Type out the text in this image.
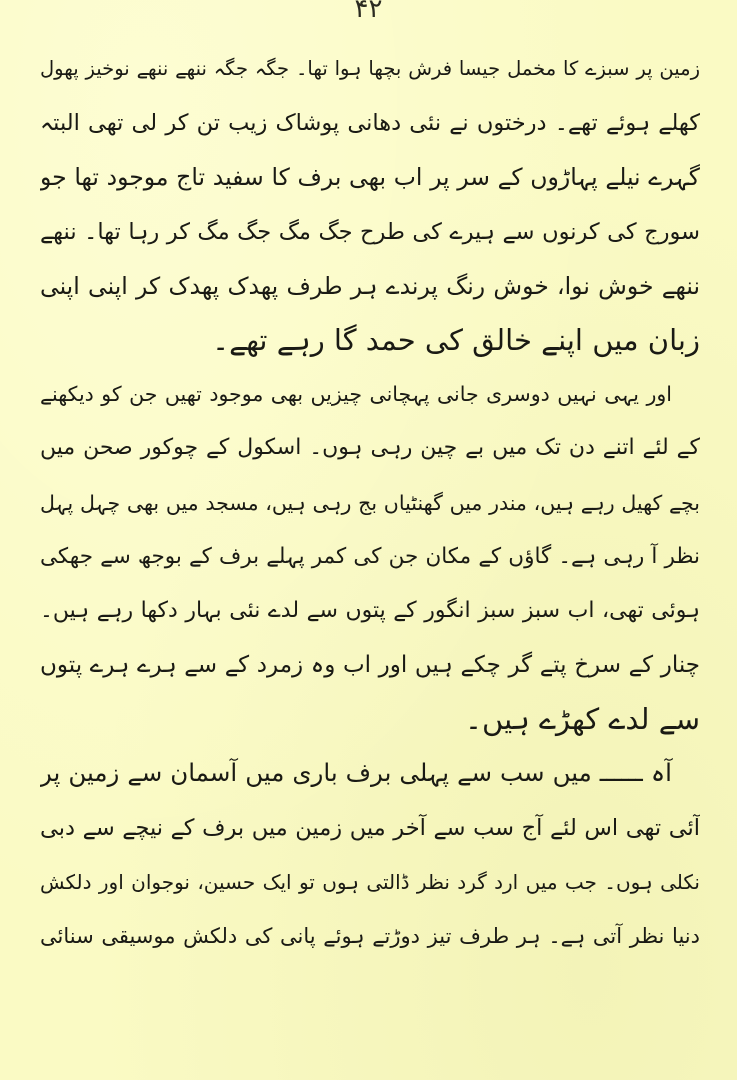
۴۲
زمین پر سبزے کا مخمل جیسا فرش بچھا ہوا تھا۔ جگہ جگہ ننھے ننھے نوخیز پھول
کھلے ہوئے تھے۔ درختوں نے نئی دھانی پوشاک زیب تن کر لی تھی البتہ
گہرے نیلے پہاڑوں کے سر پر اب بھی برف کا سفید تاج موجود تھا جو
سورج کی کرنوں سے ہیرے کی طرح جگ مگ جگ مگ کر رہا تھا۔ ننھے
ننھے خوش نوا، خوش رنگ پرندے ہر طرف پھدک پھدک کر اپنی اپنی
زبان میں اپنے خالق کی حمد گا رہے تھے۔
اور یہی نہیں دوسری جانی پہچانی چیزیں بھی موجود تھیں جن کو دیکھنے
کے لئے اتنے دن تک میں بے چین رہی ہوں۔ اسکول کے چوکور صحن میں
بچے کھیل رہے ہیں، مندر میں گھنٹیاں بج رہی ہیں، مسجد میں بھی چہل پہل
نظر آ رہی ہے۔ گاؤں کے مکان جن کی کمر پہلے برف کے بوجھ سے جھکی
ہوئی تھی، اب سبز سبز انگور کے پتوں سے لدے نئی بہار دکھا رہے ہیں۔
چنار کے سرخ پتے گر چکے ہیں اور اب وہ زمرد کے سے ہرے ہرے پتوں
سے لدے کھڑے ہیں۔
آہ ــــــ میں سب سے پہلی برف باری میں آسمان سے زمین پر
آئی تھی اس لئے آج سب سے آخر میں زمین میں برف کے نیچے سے دبی
نکلی ہوں۔ جب میں ارد گرد نظر ڈالتی ہوں تو ایک حسین، نوجوان اور دلکش
دنیا نظر آتی ہے۔ ہر طرف تیز دوڑتے ہوئے پانی کی دلکش موسیقی سنائی
